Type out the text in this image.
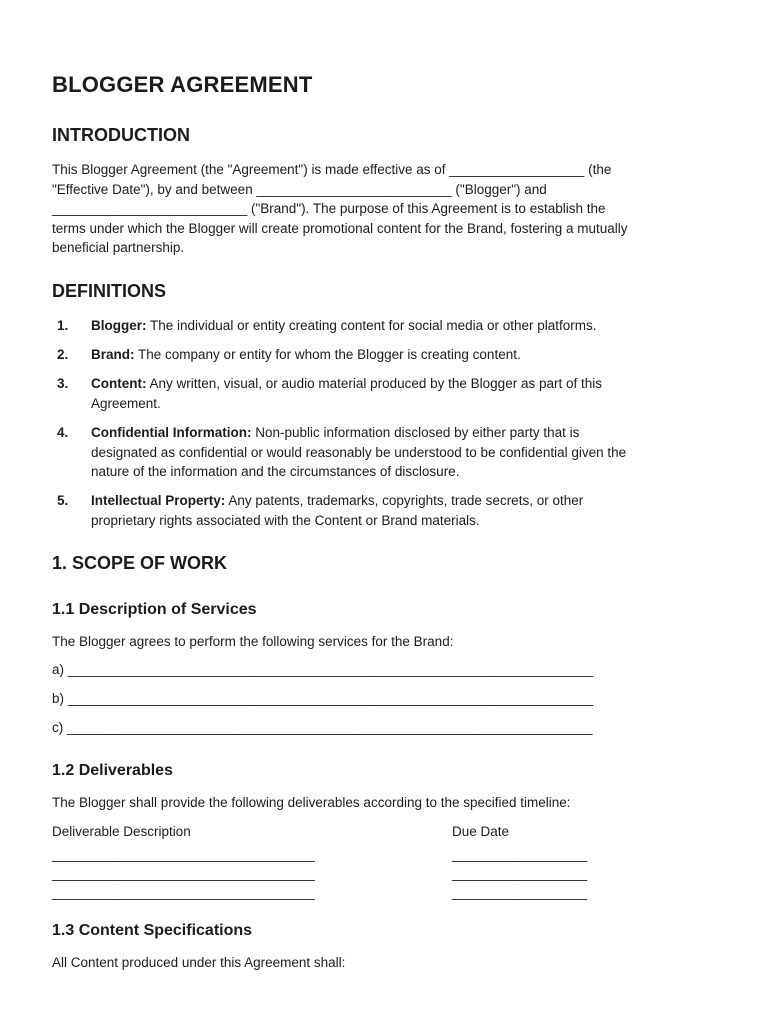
BLOGGER AGREEMENT
INTRODUCTION
This Blogger Agreement (the "Agreement") is made effective as of __________________ (the
"Effective Date"), by and between __________________________ ("Blogger") and
__________________________ ("Brand"). The purpose of this Agreement is to establish the
terms under which the Blogger will create promotional content for the Brand, fostering a mutually
beneficial partnership.
DEFINITIONS
1. Blogger: The individual or entity creating content for social media or other platforms.
2. Brand: The company or entity for whom the Blogger is creating content.
3. Content: Any written, visual, or audio material produced by the Blogger as part of this
Agreement.
4. Confidential Information: Non-public information disclosed by either party that is
designated as confidential or would reasonably be understood to be confidential given the
nature of the information and the circumstances of disclosure.
5. Intellectual Property: Any patents, trademarks, copyrights, trade secrets, or other
proprietary rights associated with the Content or Brand materials.
1. SCOPE OF WORK
1.1 Description of Services
The Blogger agrees to perform the following services for the Brand:
a) ______________________________________________________________________
b) ______________________________________________________________________
c) ______________________________________________________________________
1.2 Deliverables
The Blogger shall provide the following deliverables according to the specified timeline:
Deliverable Description
___________________________________
___________________________________
___________________________________
Due Date
__________________
__________________
__________________
1.3 Content Specifications
All Content produced under this Agreement shall:
